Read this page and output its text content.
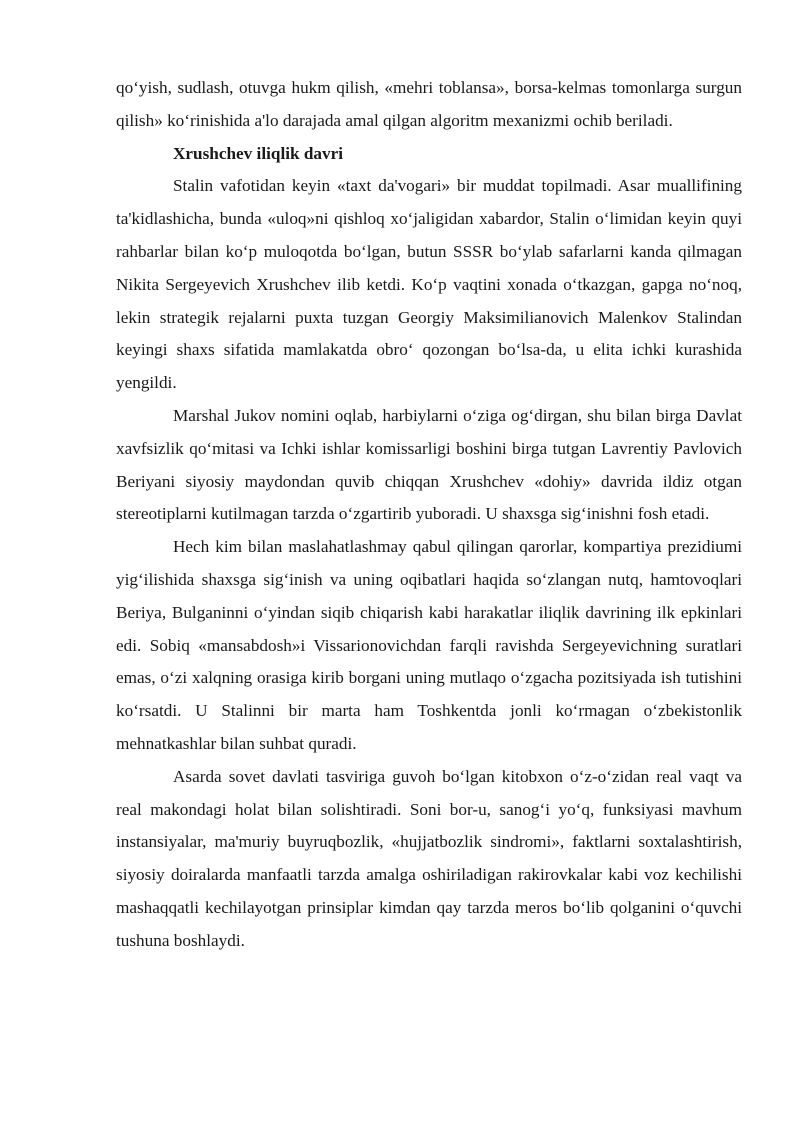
qo‘yish, sudlash, otuvga hukm qilish, «mehri toblansa», borsa-kelmas tomonlarga surgun qilish» ko‘rinishida a'lo darajada amal qilgan algoritm mexanizmi ochib beriladi.

Xrushchev iliqlik davri

Stalin vafotidan keyin «taxt da'vogari» bir muddat topilmadi. Asar muallifining ta'kidlashicha, bunda «uloq»ni qishloq xo‘jaligidan xabardor, Stalin o‘limidan keyin quyi rahbarlar bilan ko‘p muloqotda bo‘lgan, butun SSSR bo‘ylab safarlarni kanda qilmagan Nikita Sergeyevich Xrushchev ilib ketdi. Ko‘p vaqtini xonada o‘tkazgan, gapga no‘noq, lekin strategik rejalarni puxta tuzgan Georgiy Maksimilianovich Malenkov Stalindan keyingi shaxs sifatida mamlakatda obro‘ qozongan bo‘lsa-da, u elita ichki kurashida yengildi.

Marshal Jukov nomini oqlab, harbiylarni o‘ziga og‘dirgan, shu bilan birga Davlat xavfsizlik qo‘mitasi va Ichki ishlar komissarligi boshini birga tutgan Lavrentiy Pavlovich Beriyani siyosiy maydondan quvib chiqqan Xrushchev «dohiy» davrida ildiz otgan stereotiplarni kutilmagan tarzda o‘zgartirib yuboradi. U shaxsga sig‘inishni fosh etadi.

Hech kim bilan maslahatlashmay qabul qilingan qarorlar, kompartiya prezidiumi yig‘ilishida shaxsga sig‘inish va uning oqibatlari haqida so‘zlangan nutq, hamtovoqlari Beriya, Bulganinni o‘yindan siqib chiqarish kabi harakatlar iliqlik davrining ilk epkinlari edi. Sobiq «mansabdosh»i Vissarionovichdan farqli ravishda Sergeyevichning suratlari emas, o‘zi xalqning orasiga kirib borgani uning mutlaqo o‘zgacha pozitsiyada ish tutishini ko‘rsatdi. U Stalinni bir marta ham Toshkentda jonli ko‘rmagan o‘zbekistonlik mehnatkashlar bilan suhbat quradi.

Asarda sovet davlati tasviriga guvoh bo‘lgan kitobxon o‘z-o‘zidan real vaqt va real makondagi holat bilan solishtiradi. Soni bor-u, sanog‘i yo‘q, funksiyasi mavhum instansiyalar, ma'muriy buyruqbozlik, «hujjatbozlik sindromi», faktlarni soxtalashtirish, siyosiy doiralarda manfaatli tarzda amalga oshiriladigan rakirovkalar kabi voz kechilishi mashaqqatli kechilayotgan prinsiplar kimdan qay tarzda meros bo‘lib qolganini o‘quvchi tushuna boshlaydi.
